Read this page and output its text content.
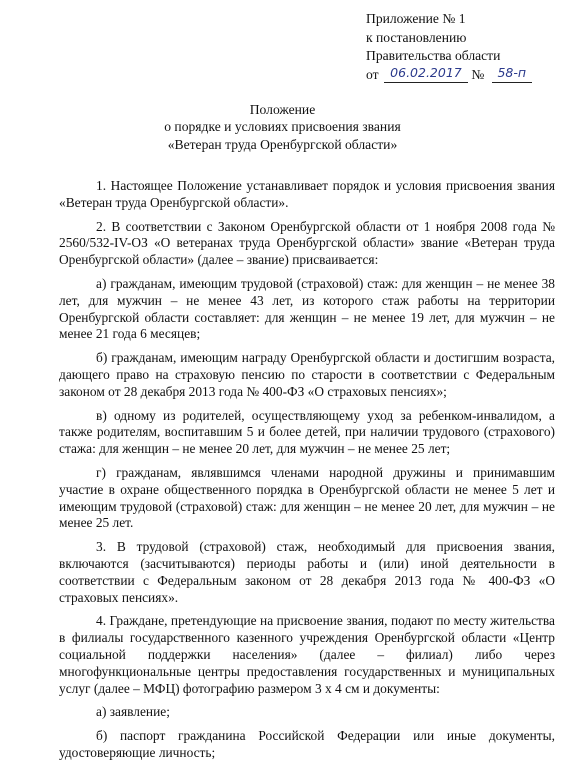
Приложение № 1
к постановлению
Правительства области
от 06.02.2017 № 58-п
Положение
о порядке и условиях присвоения звания
«Ветеран труда Оренбургской области»

1. Настоящее Положение устанавливает порядок и условия присвоения звания «Ветеран труда Оренбургской области».

2. В соответствии с Законом Оренбургской области от 1 ноября 2008 года № 2560/532-IV-ОЗ «О ветеранах труда Оренбургской области» звание «Ветеран труда Оренбургской области» (далее – звание) присваивается:

а) гражданам, имеющим трудовой (страховой) стаж: для женщин – не менее 38 лет, для мужчин – не менее 43 лет, из которого стаж работы на территории Оренбургской области составляет: для женщин – не менее 19 лет, для мужчин – не менее 21 года 6 месяцев;

б) гражданам, имеющим награду Оренбургской области и достигшим возраста, дающего право на страховую пенсию по старости в соответствии с Федеральным законом от 28 декабря 2013 года № 400-ФЗ «О страховых пенсиях»;

в) одному из родителей, осуществляющему уход за ребенком-инвалидом, а также родителям, воспитавшим 5 и более детей, при наличии трудового (страхового) стажа: для женщин – не менее 20 лет, для мужчин – не менее 25 лет;

г) гражданам, являвшимся членами народной дружины и принимавшим участие в охране общественного порядка в Оренбургской области не менее 5 лет и имеющим трудовой (страховой) стаж: для женщин – не менее 20 лет, для мужчин – не менее 25 лет.

3. В трудовой (страховой) стаж, необходимый для присвоения звания, включаются (засчитываются) периоды работы и (или) иной деятельности в соответствии с Федеральным законом от 28 декабря 2013 года № 400-ФЗ «О страховых пенсиях».

4. Граждане, претендующие на присвоение звания, подают по месту жительства в филиалы государственного казенного учреждения Оренбургской области «Центр социальной поддержки населения» (далее – филиал) либо через многофункциональные центры предоставления государственных и муниципальных услуг (далее – МФЦ) фотографию размером 3 х 4 см и документы:

а) заявление;

б) паспорт гражданина Российской Федерации или иные документы, удостоверяющие личность;
